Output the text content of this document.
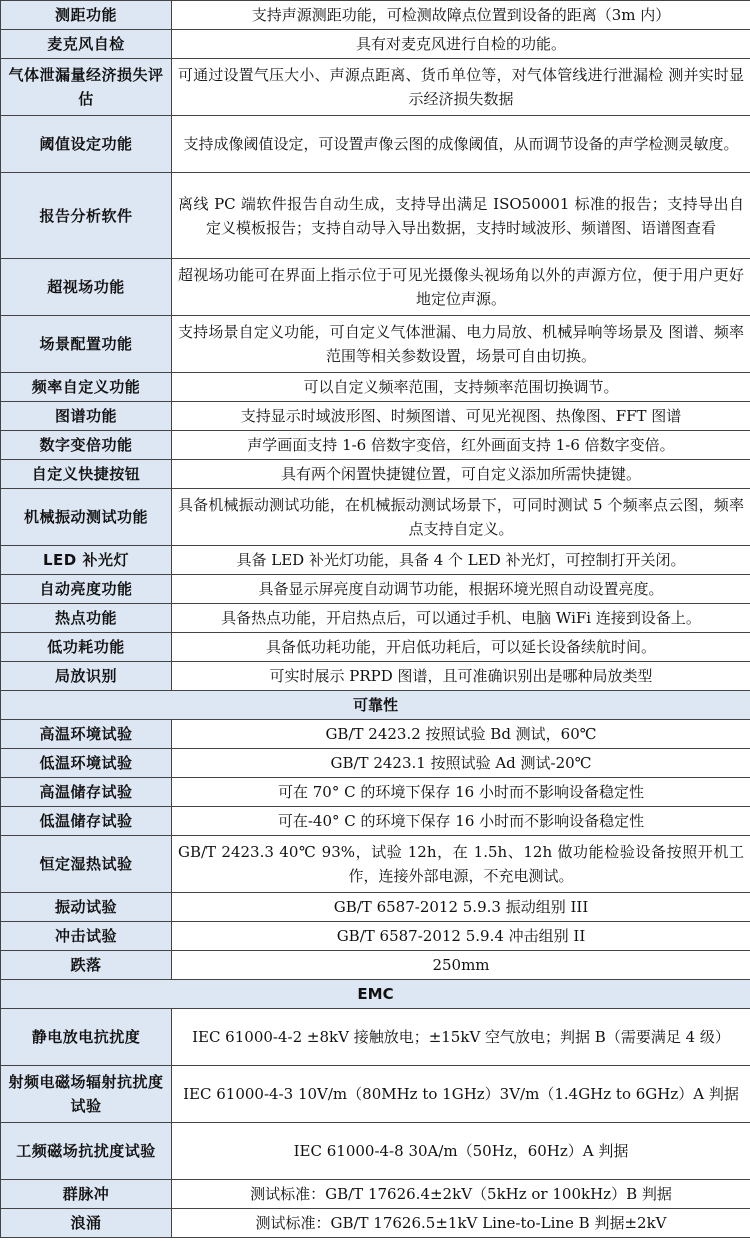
测距功能	支持声源测距功能，可检测故障点位置到设备的距离（3m 内）
麦克风自检	具有对麦克风进行自检的功能。
气体泄漏量经济损失评估	可通过设置气压大小、声源点距离、货币单位等，对气体管线进行泄漏检 测并实时显示经济损失数据
阈值设定功能	支持成像阈值设定，可设置声像云图的成像阈值，从而调节设备的声学检测灵敏度。
报告分析软件	离线 PC 端软件报告自动生成，支持导出满足 ISO50001 标准的报告；支持导出自定义模板报告；支持自动导入导出数据，支持时域波形、频谱图、语谱图查看
超视场功能	超视场功能可在界面上指示位于可见光摄像头视场角以外的声源方位，便于用户更好地定位声源。
场景配置功能	支持场景自定义功能，可自定义气体泄漏、电力局放、机械异响等场景及 图谱、频率范围等相关参数设置，场景可自由切换。
频率自定义功能	可以自定义频率范围，支持频率范围切换调节。
图谱功能	支持显示时域波形图、时频图谱、可见光视图、热像图、FFT 图谱
数字变倍功能	声学画面支持 1-6 倍数字变倍，红外画面支持 1-6 倍数字变倍。
自定义快捷按钮	具有两个闲置快捷键位置，可自定义添加所需快捷键。
机械振动测试功能	具备机械振动测试功能，在机械振动测试场景下，可同时测试 5 个频率点云图，频率点支持自定义。
LED 补光灯	具备 LED 补光灯功能，具备 4 个 LED 补光灯，可控制打开关闭。
自动亮度功能	具备显示屏亮度自动调节功能，根据环境光照自动设置亮度。
热点功能	具备热点功能，开启热点后，可以通过手机、电脑 WiFi 连接到设备上。
低功耗功能	具备低功耗功能，开启低功耗后，可以延长设备续航时间。
局放识别	可实时展示 PRPD 图谱，且可准确识别出是哪种局放类型
可靠性	
高温环境试验	GB/T 2423.2 按照试验 Bd 测试，60℃
低温环境试验	GB/T 2423.1 按照试验 Ad 测试-20℃
高温储存试验	可在 70° C 的环境下保存 16 小时而不影响设备稳定性
低温储存试验	可在-40° C 的环境下保存 16 小时而不影响设备稳定性
恒定湿热试验	GB/T 2423.3 40℃ 93%，试验 12h，在 1.5h、12h 做功能检验设备按照开机工作，连接外部电源，不充电测试。
振动试验	GB/T 6587-2012 5.9.3 振动组别 III
冲击试验	GB/T 6587-2012 5.9.4 冲击组别 II
跌落	250mm
EMC	
静电放电抗扰度	IEC 61000-4-2 ±8kV 接触放电；±15kV 空气放电；判据 B（需要满足 4 级）
射频电磁场辐射抗扰度试验	IEC 61000-4-3 10V/m（80MHz to 1GHz）3V/m（1.4GHz to 6GHz）A 判据
工频磁场抗扰度试验	IEC 61000-4-8 30A/m（50Hz，60Hz）A 判据
群脉冲	测试标准：GB/T 17626.4±2kV（5kHz or 100kHz）B 判据
浪涌	测试标准：GB/T 17626.5±1kV Line-to-Line B 判据±2kV
